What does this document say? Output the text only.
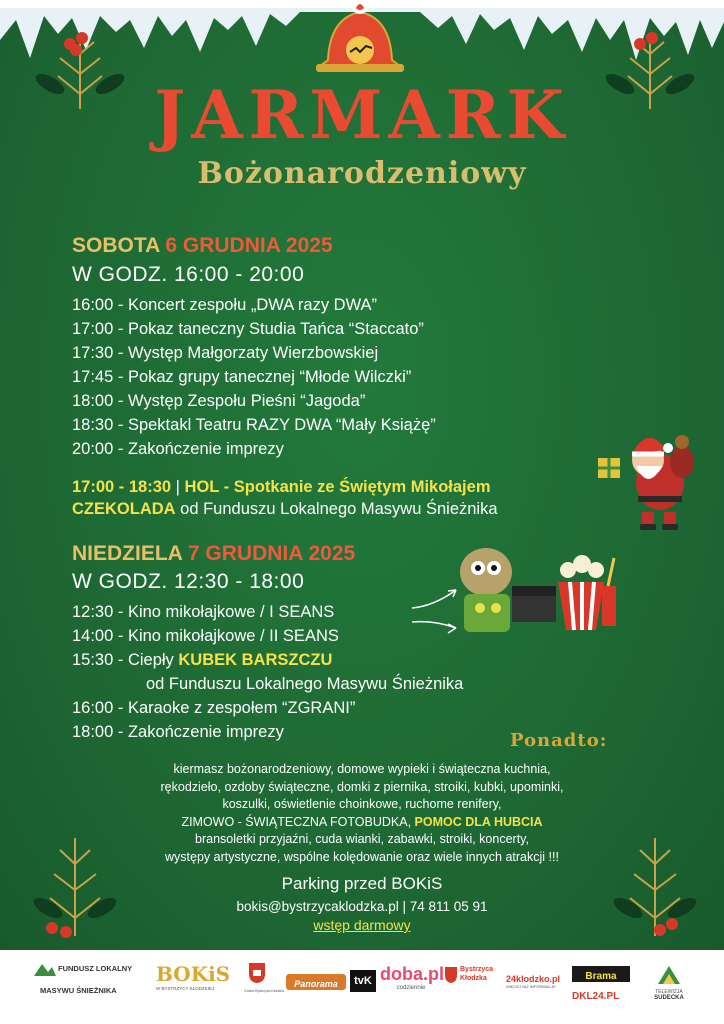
JARMARK
Bożonarodzeniowy
SOBOTA 6 GRUDNIA 2025
W GODZ. 16:00 - 20:00
16:00 - Koncert zespołu „DWA razy DWA”
17:00 - Pokaz taneczny Studia Tańca “Staccato”
17:30 - Występ Małgorzaty Wierzbowskiej
17:45 - Pokaz grupy tanecznej “Młode Wilczki”
18:00 - Występ Zespołu Pieśni “Jagoda”
18:30 - Spektakl Teatru RAZY DWA “Mały Książę”
20:00 - Zakończenie imprezy
17:00 - 18:30 | HOL - Spotkanie ze Świętym Mikołajem
CZEKOLADA od Funduszu Lokalnego Masywu Śnieżnika
NIEDZIELA 7 GRUDNIA 2025
W GODZ. 12:30 - 18:00
12:30 - Kino mikołajkowe / I SEANS
14:00 - Kino mikołajkowe / II SEANS
15:30 - Ciepły KUBEK BARSZCZU
od Funduszu Lokalnego Masywu Śnieżnika
16:00 - Karaoke z zespołem “ZGRANI”
18:00 - Zakończenie imprezy	Ponadto:
kiermasz bożonarodzeniowy, domowe wypieki i świąteczna kuchnia,
rękodzieło, ozdoby świąteczne, domki z piernika, stroiki, kubki, upominki,
koszulki, oświetlenie choinkowe, ruchome renifery,
ZIMOWO - ŚWIĄTECZNA FOTOBUDKA, POMOC DLA HUBCIA
bransoletki przyjaźni, cuda wianki, zabawki, stroiki, koncerty,
występy artystyczne, wspólne kolędowanie oraz wiele innych atrakcji !!!
Parking przed BOKiS
bokis@bystrzycaklodzka.pl | 74 811 05 91
wstęp darmowy
FUNDUSZ LOKALNY
MASYWU ŚNIEŻNIKA
BOKiS
W BYSTRZYCY KŁODZKIEJ	Gmina Bystrzyca Kłodzka
Panorama	tvK doba.pl
codziennie
Bystrzyca
Kłodzka 24klodzko.pl
WIĘCEJ NIŻ INFORMACJE
Brama
DKL24.PL	TELEWIZJA
SUDECKA
